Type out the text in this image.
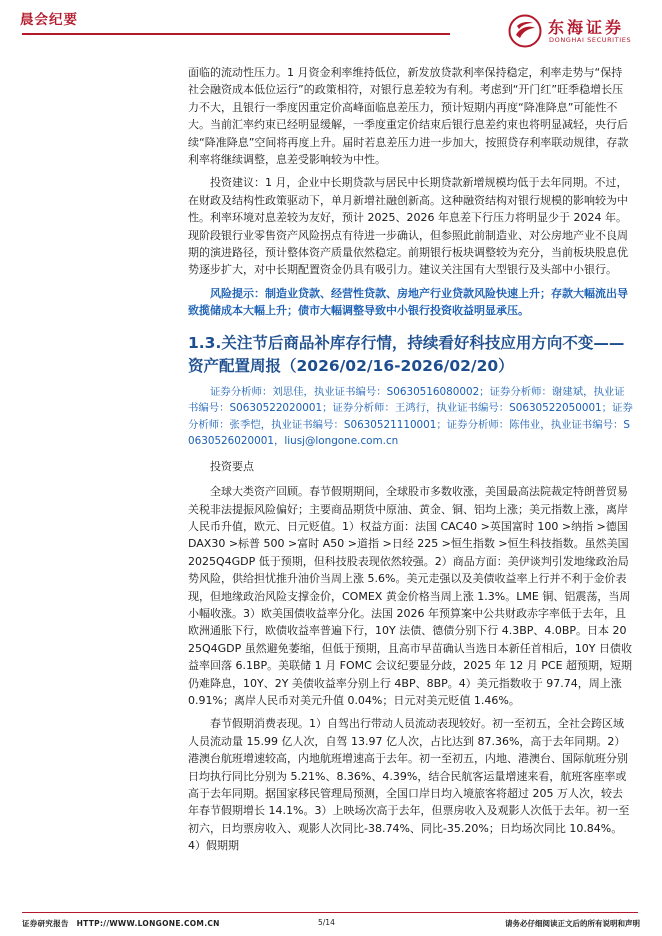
晨会纪要	东海证券
DONGHAI SECURITIES

面临的流动性压力。1 月资金利率维持低位，新发放贷款利率保持稳定，利率走势与“保持社会融资成本低位运行”的政策相符，对银行息差较为有利。考虑到“开门红”旺季稳增长压力不大，且银行一季度因重定价高峰面临息差压力，预计短期内再度“降准降息”可能性不大。当前汇率约束已经明显缓解，一季度重定价结束后银行息差约束也将明显减轻，央行后续“降准降息”空间将再度上升。届时若息差压力进一步加大，按照贷存利率联动规律，存款利率将继续调整，息差受影响较为中性。

投资建议：1 月，企业中长期贷款与居民中长期贷款新增规模均低于去年同期。不过，在财政及结构性政策驱动下，单月新增社融创新高。这种融资结构对银行规模的影响较为中性。利率环境对息差较为友好，预计 2025、2026 年息差下行压力将明显少于 2024 年。现阶段银行业零售资产风险拐点有待进一步确认，但参照此前制造业、对公房地产业不良周期的演进路径，预计整体资产质量依然稳定。前期银行板块调整较为充分，当前板块股息优势逐步扩大，对中长期配置资金仍具有吸引力。建议关注国有大型银行及头部中小银行。

风险提示：制造业贷款、经营性贷款、房地产行业贷款风险快速上升；存款大幅流出导致揽储成本大幅上升；债市大幅调整导致中小银行投资收益明显承压。

1.3.关注节后商品补库存行情，持续看好科技应用方向不变——资产配置周报（2026/02/16-2026/02/20）

证券分析师：刘思佳，执业证书编号：S0630516080002；证券分析师：谢建斌，执业证书编号：S0630522020001；证券分析师：王鸿行，执业证书编号：S0630522050001；证券分析师：张季恺，执业证书编号：S0630521110001；证券分析师：陈伟业，执业证书编号：S0630526020001，liusj@longone.com.cn

投资要点

全球大类资产回顾。春节假期期间，全球股市多数收涨，美国最高法院裁定特朗普贸易关税非法提振风险偏好；主要商品期货中原油、黄金、铜、铝均上涨；美元指数上涨，离岸人民币升值，欧元、日元贬值。1）权益方面：法国 CAC40 >英国富时 100 >纳指 >德国 DAX30 >标普 500 >富时 A50 >道指 >日经 225 >恒生指数 >恒生科技指数。虽然美国 2025Q4GDP 低于预期，但科技股表现依然较强。2）商品方面：美伊谈判引发地缘政治局势风险，供给担忧推升油价当周上涨 5.6%。美元走强以及美债收益率上行并不利于金价表现，但地缘政治风险支撑金价，COMEX 黄金价格当周上涨 1.3%。LME 铜、铝震荡，当周小幅收涨。3）欧美国债收益率分化。法国 2026 年预算案中公共财政赤字率低于去年，且欧洲通胀下行，欧债收益率普遍下行，10Y 法债、德债分别下行 4.3BP、4.0BP。日本 2025Q4GDP 虽然避免萎缩，但低于预期，且高市早苗确认当选日本新任首相后，10Y 日债收益率回落 6.1BP。美联储 1 月 FOMC 会议纪要显分歧，2025 年 12 月 PCE 超预期，短期仍难降息，10Y、2Y 美债收益率分别上行 4BP、8BP。4）美元指数收于 97.74，周上涨 0.91%；离岸人民币对美元升值 0.04%；日元对美元贬值 1.46%。

春节假期消费表现。1）自驾出行带动人员流动表现较好。初一至初五，全社会跨区域人员流动量 15.99 亿人次，自驾 13.97 亿人次，占比达到 87.36%，高于去年同期。2）港澳台航班增速较高，内地航班增速高于去年。初一至初五，内地、港澳台、国际航班分别日均执行同比分别为 5.21%、8.36%、4.39%，结合民航客运量增速来看，航班客座率或高于去年同期。据国家移民管理局预测，全国口岸日均入境旅客将超过 205 万人次，较去年春节假期增长 14.1%。3）上映场次高于去年，但票房收入及观影人次低于去年。初一至初六，日均票房收入、观影人次同比-38.74%、同比-35.20%；日均场次同比 10.84%。4）假期期

证券研究报告　HTTP://WWW.LONGONE.COM.CN	5/14	请务必仔细阅读正文后的所有说明和声明
